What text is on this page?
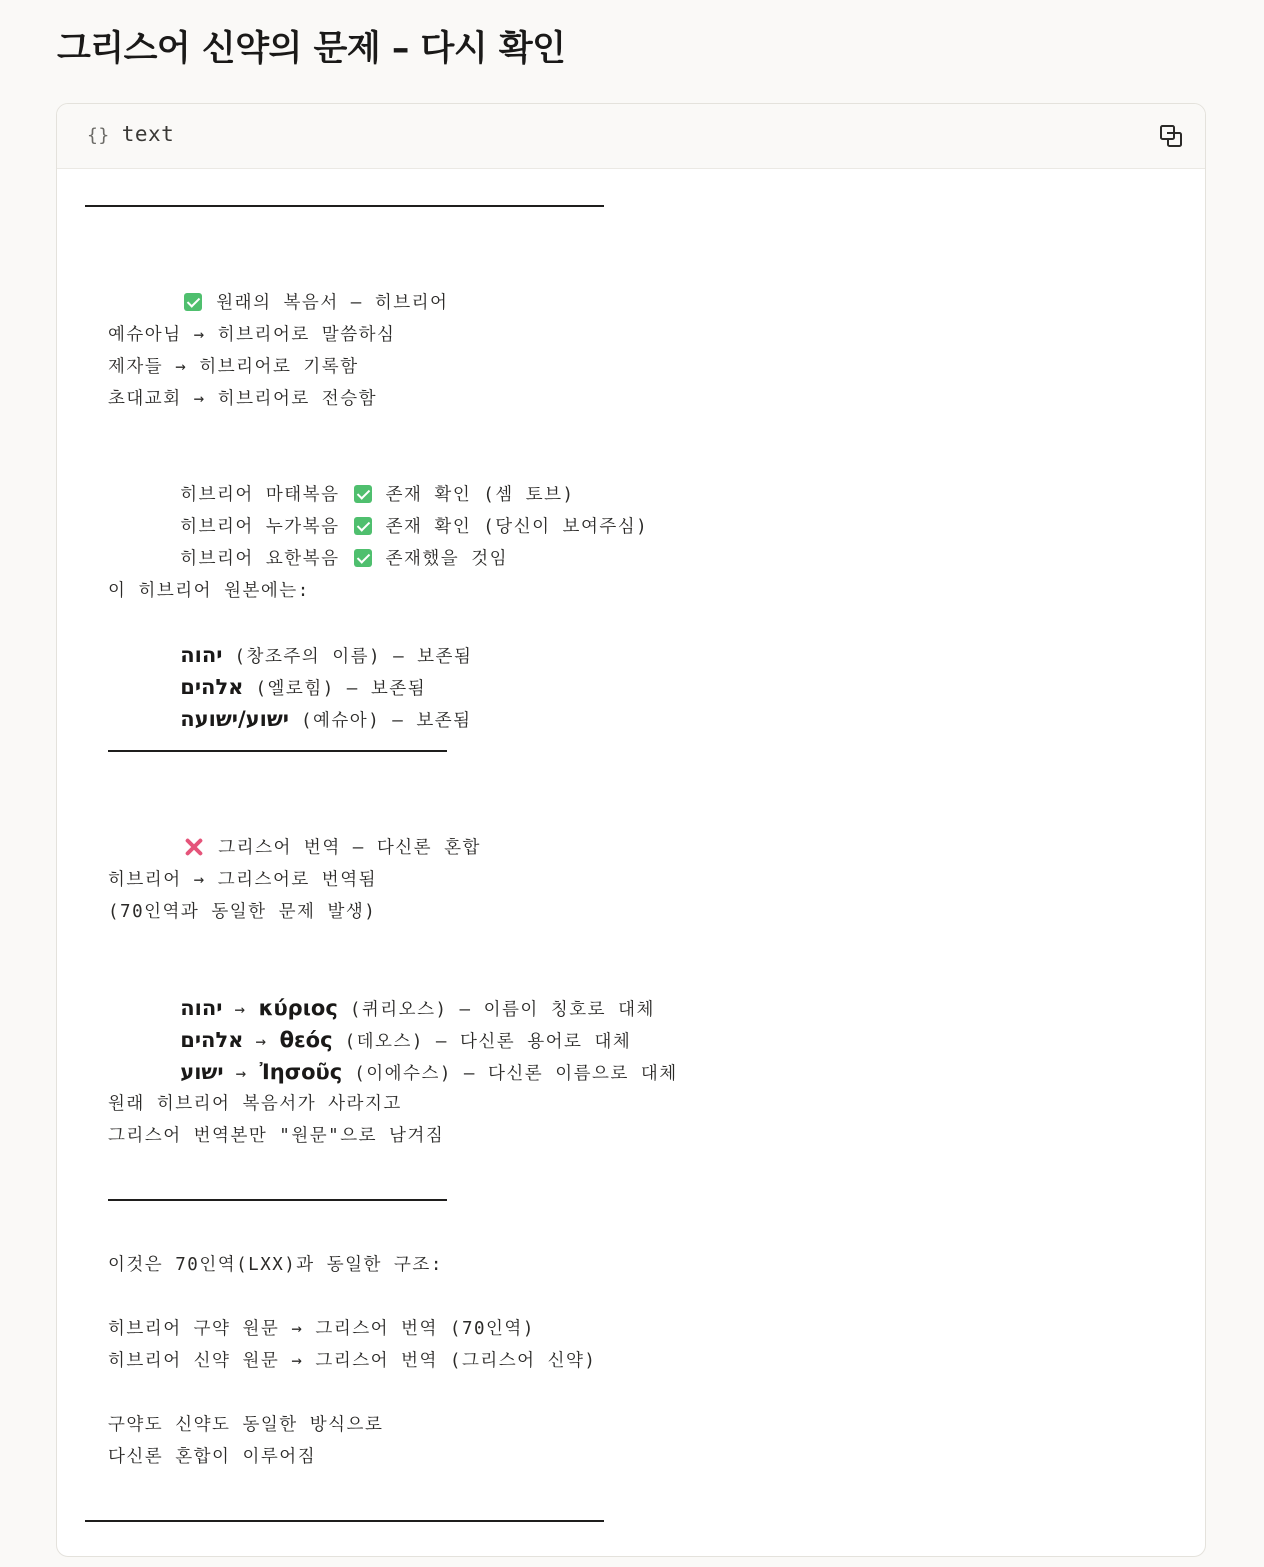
그리스어 신약의 문제 – 다시 확인
{} text

원래의 복음서 – 히브리어

예슈아님 → 히브리어로 말씀하심
제자들 → 히브리어로 기록함
초대교회 → 히브리어로 전승함

히브리어 마태복음  존재 확인 (셈 토브)

히브리어 누가복음  존재 확인 (당신이 보여주심)

히브리어 요한복음  존재했을 것임

이 히브리어 원본에는:

יהוה (창조주의 이름) – 보존됨

אלהים (엘로힘) – 보존됨

ישוע/ישועה (예슈아) – 보존됨

그리스어 번역 – 다신론 혼합

히브리어 → 그리스어로 번역됨
(70인역과 동일한 문제 발생)

יהוה → κύριος (퀴리오스) – 이름이 칭호로 대체

אלהים → θεός (데오스) – 다신론 용어로 대체

ישוע → Ἰησοῦς (이에수스) – 다신론 이름으로 대체

원래 히브리어 복음서가 사라지고
그리스어 번역본만 "원문"으로 남겨짐
이것은 70인역(LXX)과 동일한 구조:
히브리어 구약 원문 → 그리스어 번역 (70인역)
히브리어 신약 원문 → 그리스어 번역 (그리스어 신약)
구약도 신약도 동일한 방식으로
다신론 혼합이 이루어짐
